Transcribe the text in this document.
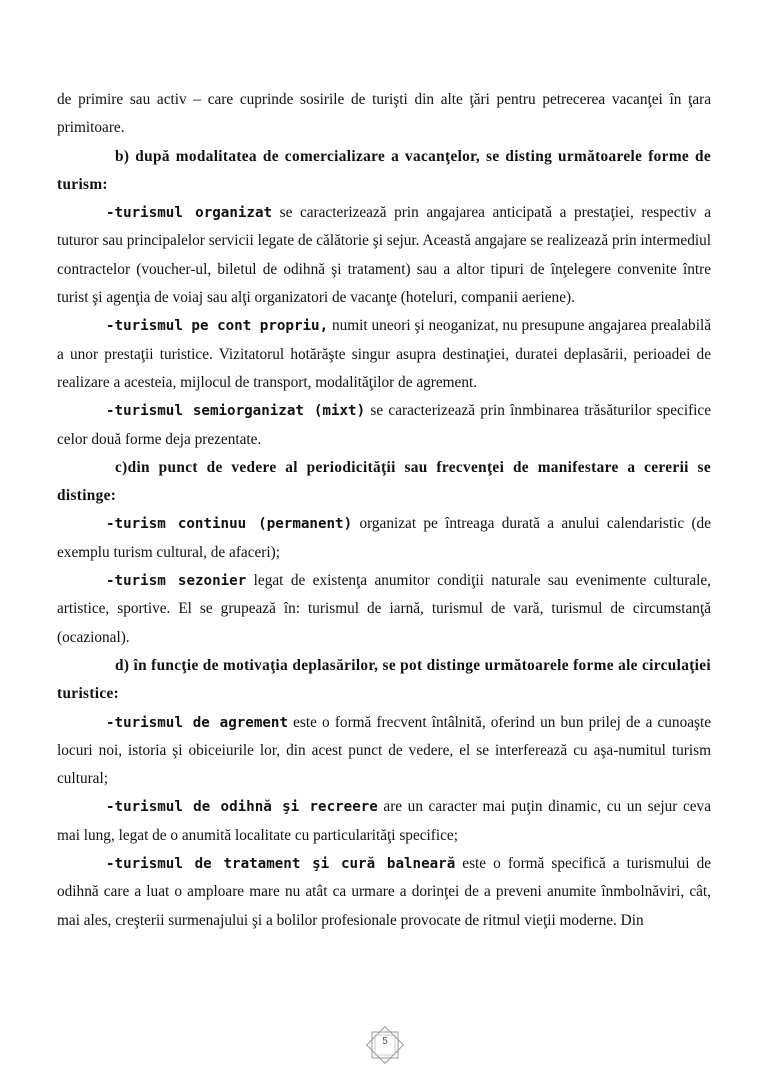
de primire sau activ – care cuprinde sosirile de turişti din alte ţări pentru petrecerea vacanţei în ţara primitoare.

b) după modalitatea de comercializare a vacanţelor, se disting următoarele forme de turism:

-turismul organizat se caracterizează prin angajarea anticipată a prestaţiei, respectiv a tuturor sau principalelor servicii legate de călătorie şi sejur. Această angajare se realizează prin intermediul contractelor (voucher-ul, biletul de odihnă şi tratament) sau a altor tipuri de înţelegere convenite între turist şi agenţia de voiaj sau alţi organizatori de vacanţe (hoteluri, companii aeriene).

-turismul pe cont propriu, numit uneori şi neoganizat, nu presupune angajarea prealabilă a unor prestaţii turistice. Vizitatorul hotărăşte singur asupra destinaţiei, duratei deplasării, perioadei de realizare a acesteia, mijlocul de transport, modalităţilor de agrement.

-turismul semiorganizat (mixt) se caracterizează prin înmbinarea trăsăturilor specifice celor două forme deja prezentate.

c)din punct de vedere al periodicităţii sau frecvenţei de manifestare a cererii se distinge:

-turism continuu (permanent) organizat pe întreaga durată a anului calendaristic (de exemplu turism cultural, de afaceri);

-turism sezonier legat de existenţa anumitor condiţii naturale sau evenimente culturale, artistice, sportive. El se grupează în: turismul de iarnă, turismul de vară, turismul de circumstanţă (ocazional).

d) în funcţie de motivaţia deplasărilor, se pot distinge următoarele forme ale circulaţiei turistice:

-turismul de agrement este o formă frecvent întâlnită, oferind un bun prilej de a cunoaşte locuri noi, istoria şi obiceiurile lor, din acest punct de vedere, el se interferează cu aşa-numitul turism cultural;

-turismul de odihnă şi recreere are un caracter mai puţin dinamic, cu un sejur ceva mai lung, legat de o anumită localitate cu particularităţi specifice;

-turismul de tratament şi cură balneară este o formă specifică a turismului de odihnă care a luat o amploare mare nu atât ca urmare a dorinţei de a preveni anumite înmbolnăviri, cât, mai ales, creşterii surmenajului şi a bolilor profesionale provocate de ritmul vieţii moderne. Din

5
